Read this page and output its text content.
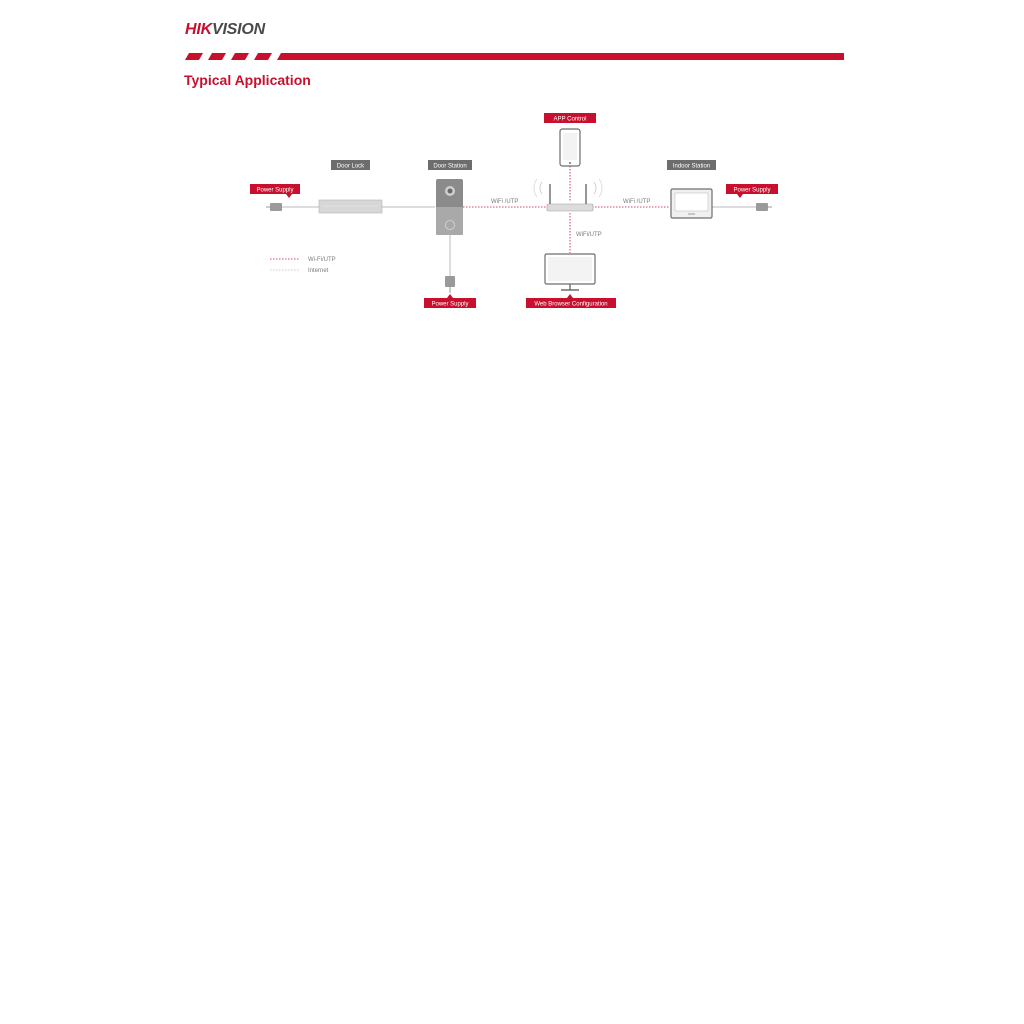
HIKVISION
Typical Application
APP Control
Door Lock	Door Station	Indoor Station
Power Supply	Power Supply
Power Supply	Web Browser Configuration
WiFi /UTP	WiFi /UTP
WiFi/UTP
Wi-Fi/UTP
Internet
